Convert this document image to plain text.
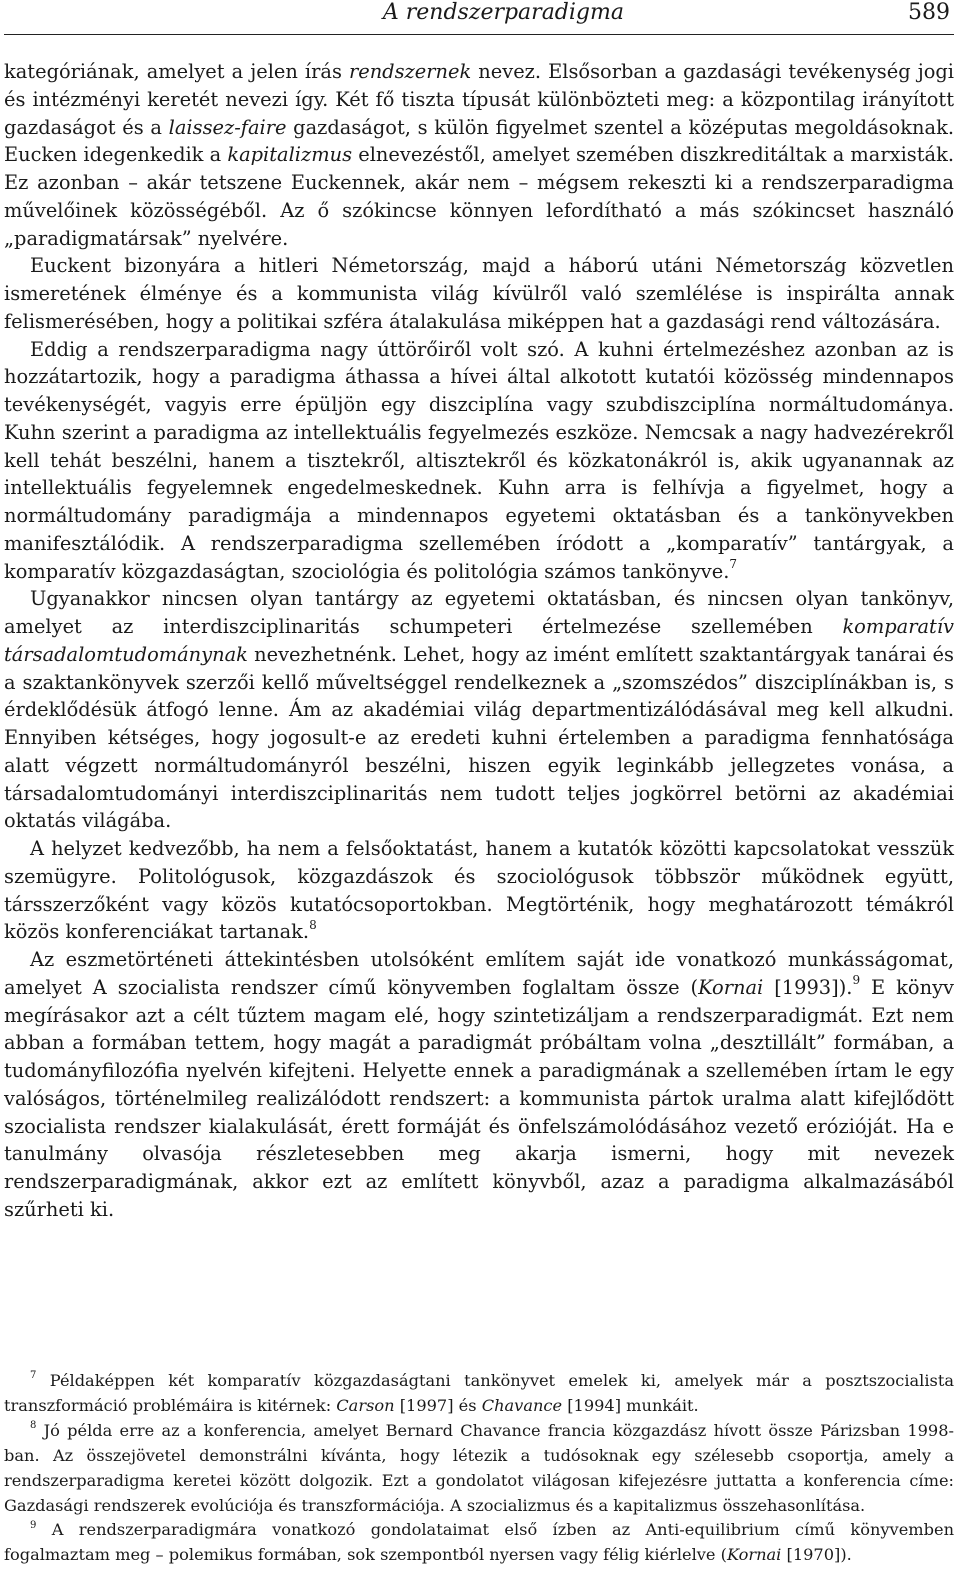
A rendszerparadigma	589

kategóriának, amelyet a jelen írás rendszernek nevez. Elsősorban a gazdasági tevékenység jogi és intézményi keretét nevezi így. Két fő tiszta típusát különbözteti meg: a központilag irányított gazdaságot és a laissez-faire gazdaságot, s külön figyelmet szentel a középutas megoldásoknak. Eucken idegenkedik a kapitalizmus elnevezéstől, amelyet szemében diszkreditáltak a marxisták. Ez azonban – akár tetszene Euckennek, akár nem – mégsem rekeszti ki a rendszerparadigma művelőinek közösségéből. Az ő szókincse könnyen lefordítható a más szókincset használó „paradigmatársak” nyelvére.

Euckent bizonyára a hitleri Németország, majd a háború utáni Németország közvetlen ismeretének élménye és a kommunista világ kívülről való szemlélése is inspirálta annak felismerésében, hogy a politikai szféra átalakulása miképpen hat a gazdasági rend változására.

Eddig a rendszerparadigma nagy úttörőiről volt szó. A kuhni értelmezéshez azonban az is hozzátartozik, hogy a paradigma áthassa a hívei által alkotott kutatói közösség mindennapos tevékenységét, vagyis erre épüljön egy diszciplína vagy szubdiszciplína normáltudománya. Kuhn szerint a paradigma az intellektuális fegyelmezés eszköze. Nemcsak a nagy hadvezérekről kell tehát beszélni, hanem a tisztekről, altisztekről és közkatonákról is, akik ugyanannak az intellektuális fegyelemnek engedelmeskednek. Kuhn arra is felhívja a figyelmet, hogy a normáltudomány paradigmája a mindennapos egyetemi oktatásban és a tankönyvekben manifesztálódik. A rendszerparadigma szellemében íródott a „komparatív” tantárgyak, a komparatív közgazdaságtan, szociológia és politológia számos tankönyve.$^7$

Ugyanakkor nincsen olyan tantárgy az egyetemi oktatásban, és nincsen olyan tankönyv, amelyet az interdiszciplinaritás schumpeteri értelmezése szellemében komparatív társadalomtudománynak nevezhetnénk. Lehet, hogy az imént említett szaktantárgyak tanárai és a szaktankönyvek szerzői kellő műveltséggel rendelkeznek a „szomszédos” diszciplínákban is, s érdeklődésük átfogó lenne. Ám az akadémiai világ departmentizálódásával meg kell alkudni. Ennyiben kétséges, hogy jogosult-e az eredeti kuhni értelemben a paradigma fennhatósága alatt végzett normáltudományról beszélni, hiszen egyik leginkább jellegzetes vonása, a társadalomtudományi interdiszciplinaritás nem tudott teljes jogkörrel betörni az akadémiai oktatás világába.

A helyzet kedvezőbb, ha nem a felsőoktatást, hanem a kutatók közötti kapcsolatokat vesszük szemügyre. Politológusok, közgazdászok és szociológusok többször működnek együtt, társszerzőként vagy közös kutatócsoportokban. Megtörténik, hogy meghatározott témákról közös konferenciákat tartanak.$^8$

Az eszmetörténeti áttekintésben utolsóként említem saját ide vonatkozó munkásságomat, amelyet A szocialista rendszer című könyvemben foglaltam össze (Kornai [1993]).$^9$ E könyv megírásakor azt a célt tűztem magam elé, hogy szintetizáljam a rendszerparadigmát. Ezt nem abban a formában tettem, hogy magát a paradigmát próbáltam volna „desztillált” formában, a tudományfilozófia nyelvén kifejteni. Helyette ennek a paradigmának a szellemében írtam le egy valóságos, történelmileg realizálódott rendszert: a kommunista pártok uralma alatt kifejlődött szocialista rendszer kialakulását, érett formáját és önfelszámolódásához vezető erózióját. Ha e tanulmány olvasója részletesebben meg akarja ismerni, hogy mit nevezek rendszerparadigmának, akkor ezt az említett könyvből, azaz a paradigma alkalmazásából szűrheti ki.

$^7$ Példaképpen két komparatív közgazdaságtani tankönyvet emelek ki, amelyek már a posztszocialista transzformáció problémáira is kitérnek: Carson [1997] és Chavance [1994] munkáit.

$^8$ Jó példa erre az a konferencia, amelyet Bernard Chavance francia közgazdász hívott össze Párizsban 1998-ban. Az összejövetel demonstrálni kívánta, hogy létezik a tudósoknak egy szélesebb csoportja, amely a rendszerparadigma keretei között dolgozik. Ezt a gondolatot világosan kifejezésre juttatta a konferencia címe: Gazdasági rendszerek evolúciója és transzformációja. A szocializmus és a kapitalizmus összehasonlítása.

$^9$ A rendszerparadigmára vonatkozó gondolataimat első ízben az Anti-equilibrium című könyvemben fogalmaztam meg – polemikus formában, sok szempontból nyersen vagy félig kiérlelve (Kornai [1970]).
